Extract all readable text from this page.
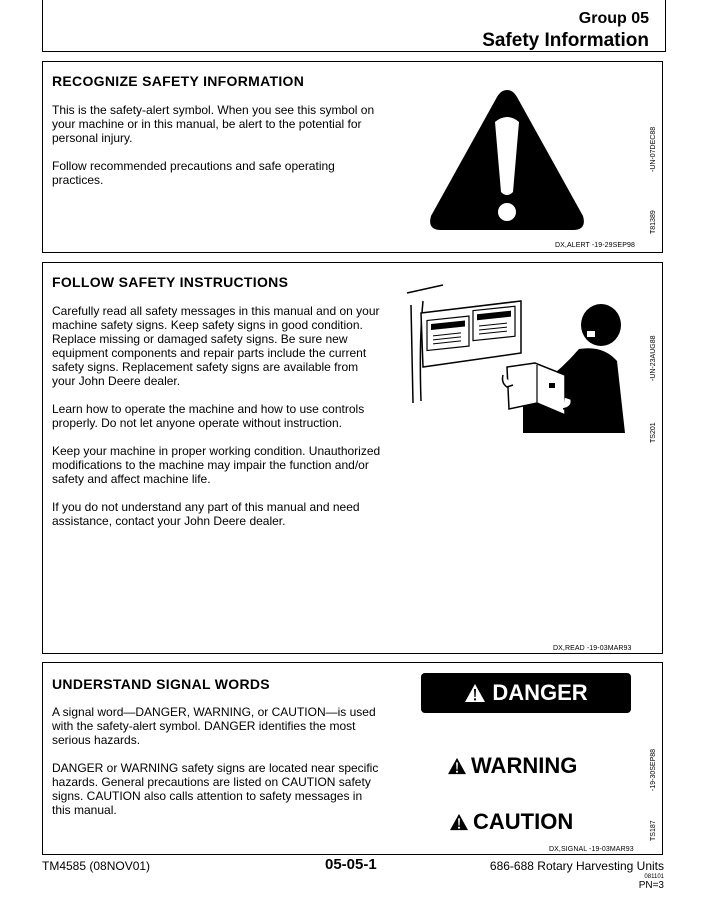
Group 05
Safety Information
RECOGNIZE SAFETY INFORMATION

This is the safety-alert symbol. When you see this symbol on your machine or in this manual, be alert to the potential for personal injury.

Follow recommended precautions and safe operating practices.

-UN-07DEC88
T81389
DX,ALERT -19-29SEP98
FOLLOW SAFETY INSTRUCTIONS

Carefully read all safety messages in this manual and on your machine safety signs. Keep safety signs in good condition. Replace missing or damaged safety signs. Be sure new equipment components and repair parts include the current safety signs. Replacement safety signs are available from your John Deere dealer.

Learn how to operate the machine and how to use controls properly. Do not let anyone operate without instruction.

Keep your machine in proper working condition. Unauthorized modifications to the machine may impair the function and/or safety and affect machine life.

If you do not understand any part of this manual and need assistance, contact your John Deere dealer.

-UN-23AUG88
TS201
DX,READ -19-03MAR93
UNDERSTAND SIGNAL WORDS

A signal word—DANGER, WARNING, or CAUTION—is used with the safety-alert symbol. DANGER identifies the most serious hazards.

DANGER or WARNING safety signs are located near specific hazards. General precautions are listed on CAUTION safety signs. CAUTION also calls attention to safety messages in this manual.

DANGER
WARNING
CAUTION
-19-30SEP88
TS187
DX,SIGNAL -19-03MAR93
TM4585 (08NOV01)	05-05-1	686-688 Rotary Harvesting Units
081101
PN=3
